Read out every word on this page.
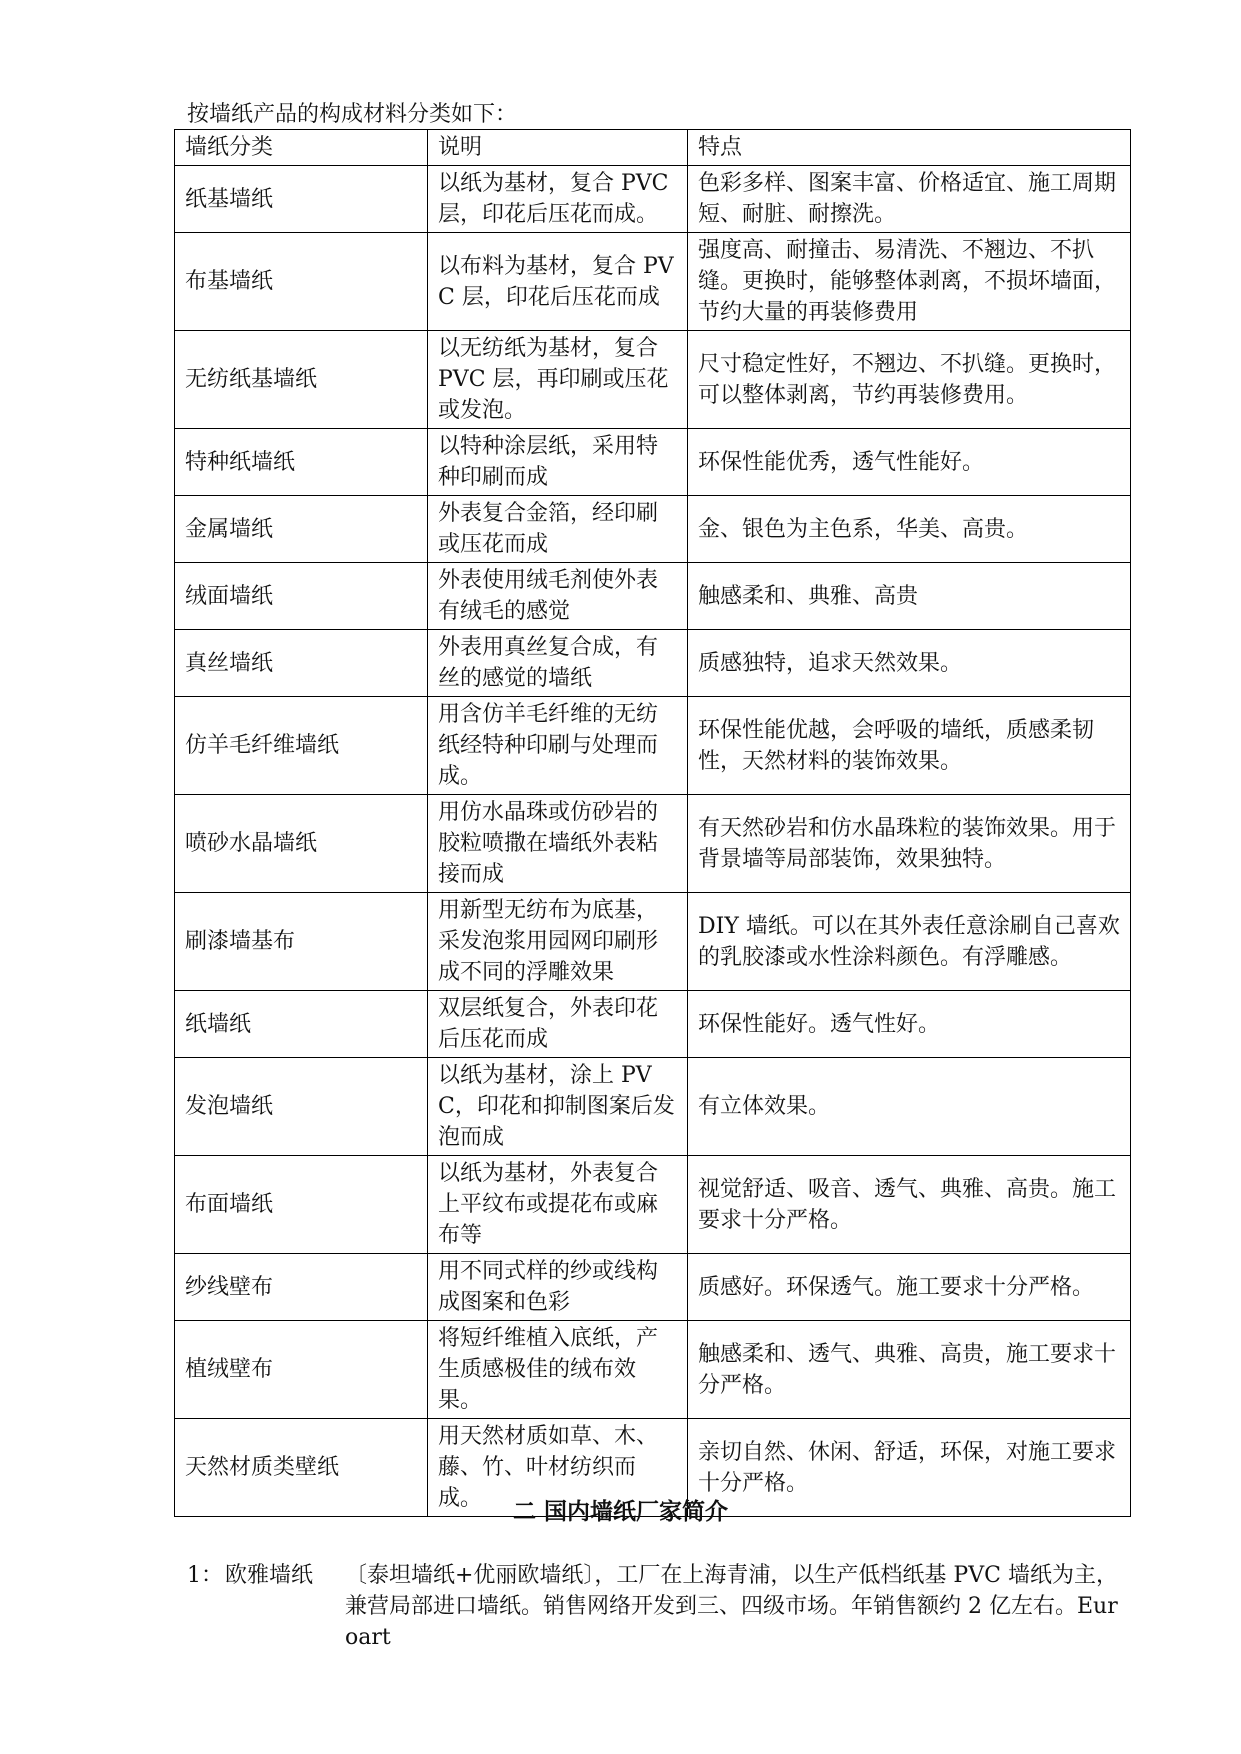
按墙纸产品的构成材料分类如下：
墙纸分类	说明	特点
纸基墙纸	以纸为基材，复合 PVC 层，印花后压花而成。	色彩多样、图案丰富、价格适宜、施工周期短、耐脏、耐擦洗。
布基墙纸	以布料为基材，复合 PVC 层，印花后压花而成	强度高、耐撞击、易清洗、不翘边、不扒缝。更换时，能够整体剥离，不损坏墙面，节约大量的再装修费用
无纺纸基墙纸	以无纺纸为基材，复合 PVC 层，再印刷或压花或发泡。	尺寸稳定性好，不翘边、不扒缝。更换时，可以整体剥离，节约再装修费用。
特种纸墙纸	以特种涂层纸，采用特种印刷而成	环保性能优秀，透气性能好。
金属墙纸	外表复合金箔，经印刷或压花而成	金、银色为主色系，华美、高贵。
绒面墙纸	外表使用绒毛剂使外表有绒毛的感觉	触感柔和、典雅、高贵
真丝墙纸	外表用真丝复合成，有丝的感觉的墙纸	质感独特，追求天然效果。
仿羊毛纤维墙纸	用含仿羊毛纤维的无纺纸经特种印刷与处理而成。	环保性能优越，会呼吸的墙纸，质感柔韧性，天然材料的装饰效果。
喷砂水晶墙纸	用仿水晶珠或仿砂岩的胶粒喷撒在墙纸外表粘接而成	有天然砂岩和仿水晶珠粒的装饰效果。用于背景墙等局部装饰，效果独特。
刷漆墙基布	用新型无纺布为底基，采发泡浆用园网印刷形成不同的浮雕效果	DIY 墙纸。可以在其外表任意涂刷自己喜欢的乳胶漆或水性涂料颜色。有浮雕感。
纸墙纸	双层纸复合，外表印花后压花而成	环保性能好。透气性好。
发泡墙纸	以纸为基材，涂上 PVC，印花和抑制图案后发泡而成	有立体效果。
布面墙纸	以纸为基材，外表复合上平纹布或提花布或麻布等	视觉舒适、吸音、透气、典雅、高贵。施工要求十分严格。
纱线壁布	用不同式样的纱或线构成图案和色彩	质感好。环保透气。施工要求十分严格。
植绒壁布	将短纤维植入底纸，产生质感极佳的绒布效果。	触感柔和、透气、典雅、高贵，施工要求十分严格。
天然材质类壁纸	用天然材质如草、木、藤、竹、叶材纺织而成。	亲切自然、休闲、舒适，环保，对施工要求十分严格。
二 国内墙纸厂家简介
1： 欧雅墙纸 〔泰坦墙纸+优丽欧墙纸〕，工厂在上海青浦，以生产低档纸基 PVC 墙纸为主，兼营局部进口墙纸。销售网络开发到三、四级市场。年销售额约 2 亿左右。Euroart
